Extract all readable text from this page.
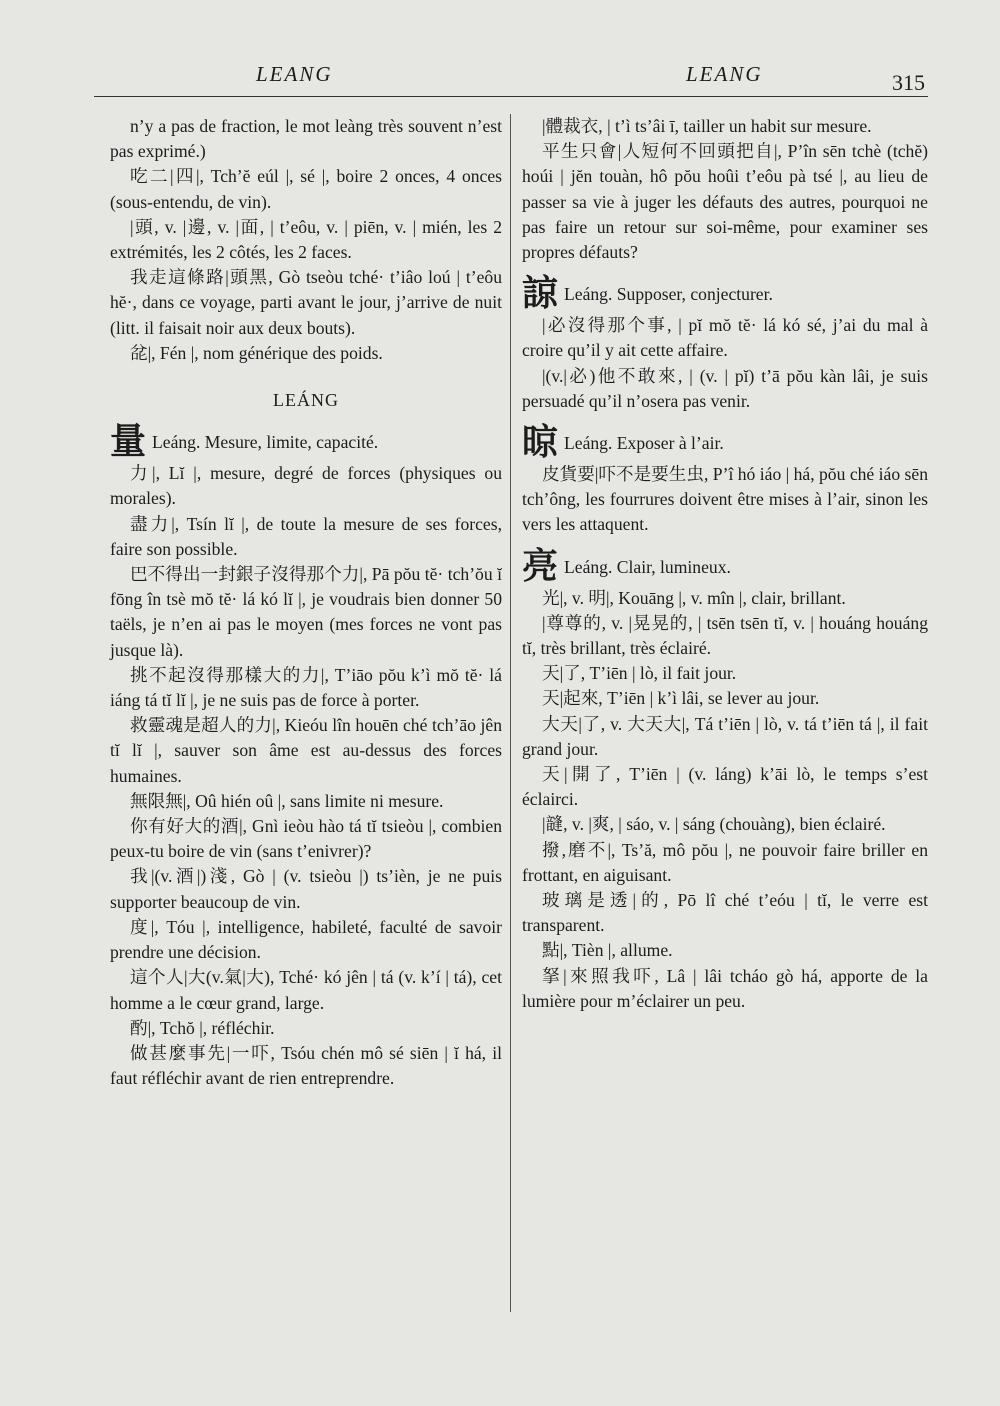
LEANG	LEANG	315

n’y a pas de fraction, le mot leàng très souvent n’est pas exprimé.)

吃二|四|, Tch’ĕ eúl |, sé |, boire 2 onces, 4 onces (sous-entendu, de vin).

|頭, v. |邊, v. |面, | t’eôu, v. | piēn, v. | mién, les 2 extrémités, les 2 côtés, les 2 faces.

我走這條路|頭黑, Gò tseòu tché· t’iâo loú | t’eôu hĕ·, dans ce voyage, parti avant le jour, j’arrive de nuit (litt. il faisait noir aux deux bouts).

兺|, Fén |, nom générique des poids.

LEÁNG

量 Leáng. Mesure, limite, capacité.

力|, Lĭ |, mesure, degré de forces (physiques ou morales).

盡力|, Tsín lĭ |, de toute la mesure de ses forces, faire son possible.

巴不得出一封銀子沒得那个力|, Pā pŏu tĕ· tch’ŏu ĭ fōng în tsè mŏ tĕ· lá kó lĭ |, je voudrais bien donner 50 taëls, je n’en ai pas le moyen (mes forces ne vont pas jusque là).

挑不起沒得那樣大的力|, T’iāo pŏu k’ì mŏ tĕ· lá iáng tá tĭ lĭ |, je ne suis pas de force à porter.

救靈魂是超人的力|, Kieóu lîn houēn ché tch’āo jên tĭ lĭ |, sauver son âme est au-dessus des forces humaines.

無限無|, Oû hién oû |, sans limite ni mesure.

你有好大的酒|, Gnì ieòu hào tá tĭ tsieòu |, combien peux-tu boire de vin (sans t’enivrer)?

我|(v.酒|)淺, Gò | (v. tsieòu |) ts’ièn, je ne puis supporter beaucoup de vin.

度|, Tóu |, intelligence, habileté, faculté de savoir prendre une décision.

這个人|大(v.氣|大), Tché· kó jên | tá (v. k’í | tá), cet homme a le cœur grand, large.

酌|, Tchŏ |, réfléchir.

做甚麼事先|一吓, Tsóu chén mô sé siēn | ĭ há, il faut réfléchir avant de rien entreprendre.

|體裁衣, | t’ì ts’âi ī, tailler un habit sur mesure.

平生只會|人短何不回頭把自|, P’în sēn tchè (tchĕ) hoúi | jĕn touàn, hô pŏu hoûi t’eôu pà tsé |, au lieu de passer sa vie à juger les défauts des autres, pourquoi ne pas faire un retour sur soi-même, pour examiner ses propres défauts?

諒 Leáng. Supposer, conjecturer.

|必沒得那个事, | pĭ mŏ tĕ· lá kó sé, j’ai du mal à croire qu’il y ait cette affaire.

|(v.|必)他不敢來, | (v. | pĭ) t’ā pŏu kàn lâi, je suis persuadé qu’il n’osera pas venir.

晾 Leáng. Exposer à l’air.

皮貨要|吓不是要生虫, P’î hó iáo | há, pŏu ché iáo sēn tch’ông, les fourrures doivent être mises à l’air, sinon les vers les attaquent.

亮 Leáng. Clair, lumineux.

光|, v. 明|, Kouāng |, v. mîn |, clair, brillant.

|尊尊的, v. |晃晃的, | tsēn tsēn tĭ, v. | houáng houáng tĭ, très brillant, très éclairé.

天|了, T’iēn | lò, il fait jour.

天|起來, T’iēn | k’ì lâi, se lever au jour.

大天|了, v. 大天大|, Tá t’iēn | lò, v. tá t’iēn tá |, il fait grand jour.

天|開了, T’iēn | (v. láng) k’āi lò, le temps s’est éclairci.

|韼, v. |爽, | sáo, v. | sáng (chouàng), bien éclairé.

撥,磨不|, Ts’ă, mô pŏu |, ne pouvoir faire briller en frottant, en aiguisant.

玻璃是透|的, Pō lî ché t’eóu | tĭ, le verre est transparent.

點|, Tièn |, allume.

拏|來照我吓, Lâ | lâi tcháo gò há, apporte de la lumière pour m’éclairer un peu.
